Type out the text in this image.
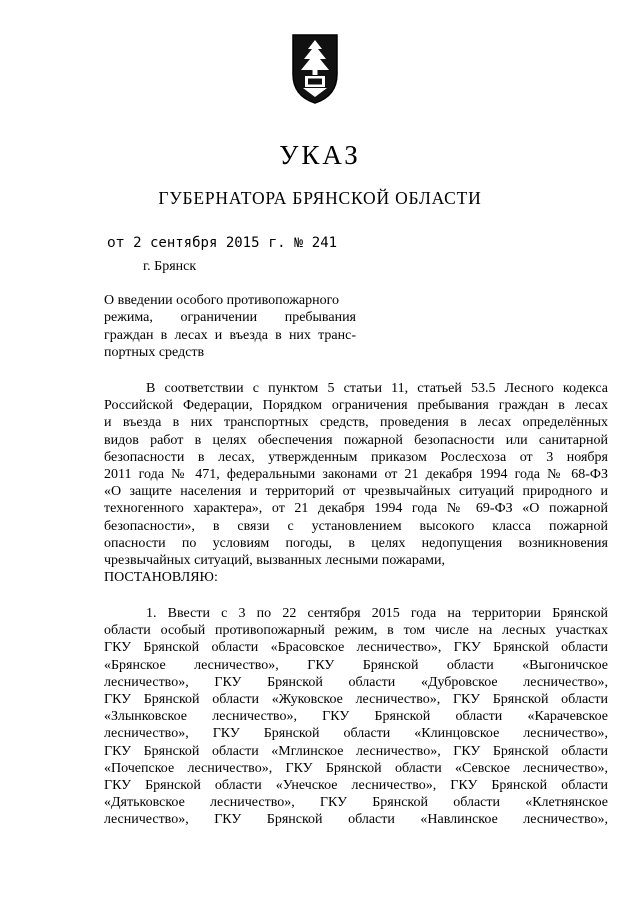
УКАЗ
ГУБЕРНАТОРА БРЯНСКОЙ ОБЛАСТИ
от 2 сентября 2015 г. № 241
г. Брянск
О введении особого противопожарного
режима, ограничении пребывания
граждан в лесах и въезда в них транс-
портных средств
В соответствии с пунктом 5 статьи 11, статьей 53.5 Лесного кодекса
Российской Федерации, Порядком ограничения пребывания граждан в лесах
и въезда в них транспортных средств, проведения в лесах определённых
видов работ в целях обеспечения пожарной безопасности или санитарной
безопасности в лесах, утвержденным приказом Рослесхоза от 3 ноября
2011 года № 471, федеральными законами от 21 декабря 1994 года № 68-ФЗ
«О защите населения и территорий от чрезвычайных ситуаций природного и
техногенного характера», от 21 декабря 1994 года № 69-ФЗ «О пожарной
безопасности», в связи с установлением высокого класса пожарной
опасности по условиям погоды, в целях недопущения возникновения
чрезвычайных ситуаций, вызванных лесными пожарами,
ПОСТАНОВЛЯЮ:
1. Ввести с 3 по 22 сентября 2015 года на территории Брянской
области особый противопожарный режим, в том числе на лесных участках
ГКУ Брянской области «Брасовское лесничество», ГКУ Брянской области
«Брянское лесничество», ГКУ Брянской области «Выгоничское
лесничество», ГКУ Брянской области «Дубровское лесничество»,
ГКУ Брянской области «Жуковское лесничество», ГКУ Брянской области
«Злынковское лесничество», ГКУ Брянской области «Карачевское
лесничество», ГКУ Брянской области «Клинцовское лесничество»,
ГКУ Брянской области «Мглинское лесничество», ГКУ Брянской области
«Почепское лесничество», ГКУ Брянской области «Севское лесничество»,
ГКУ Брянской области «Унечское лесничество», ГКУ Брянской области
«Дятьковское лесничество», ГКУ Брянской области «Клетнянское
лесничество», ГКУ Брянской области «Навлинское лесничество»,
